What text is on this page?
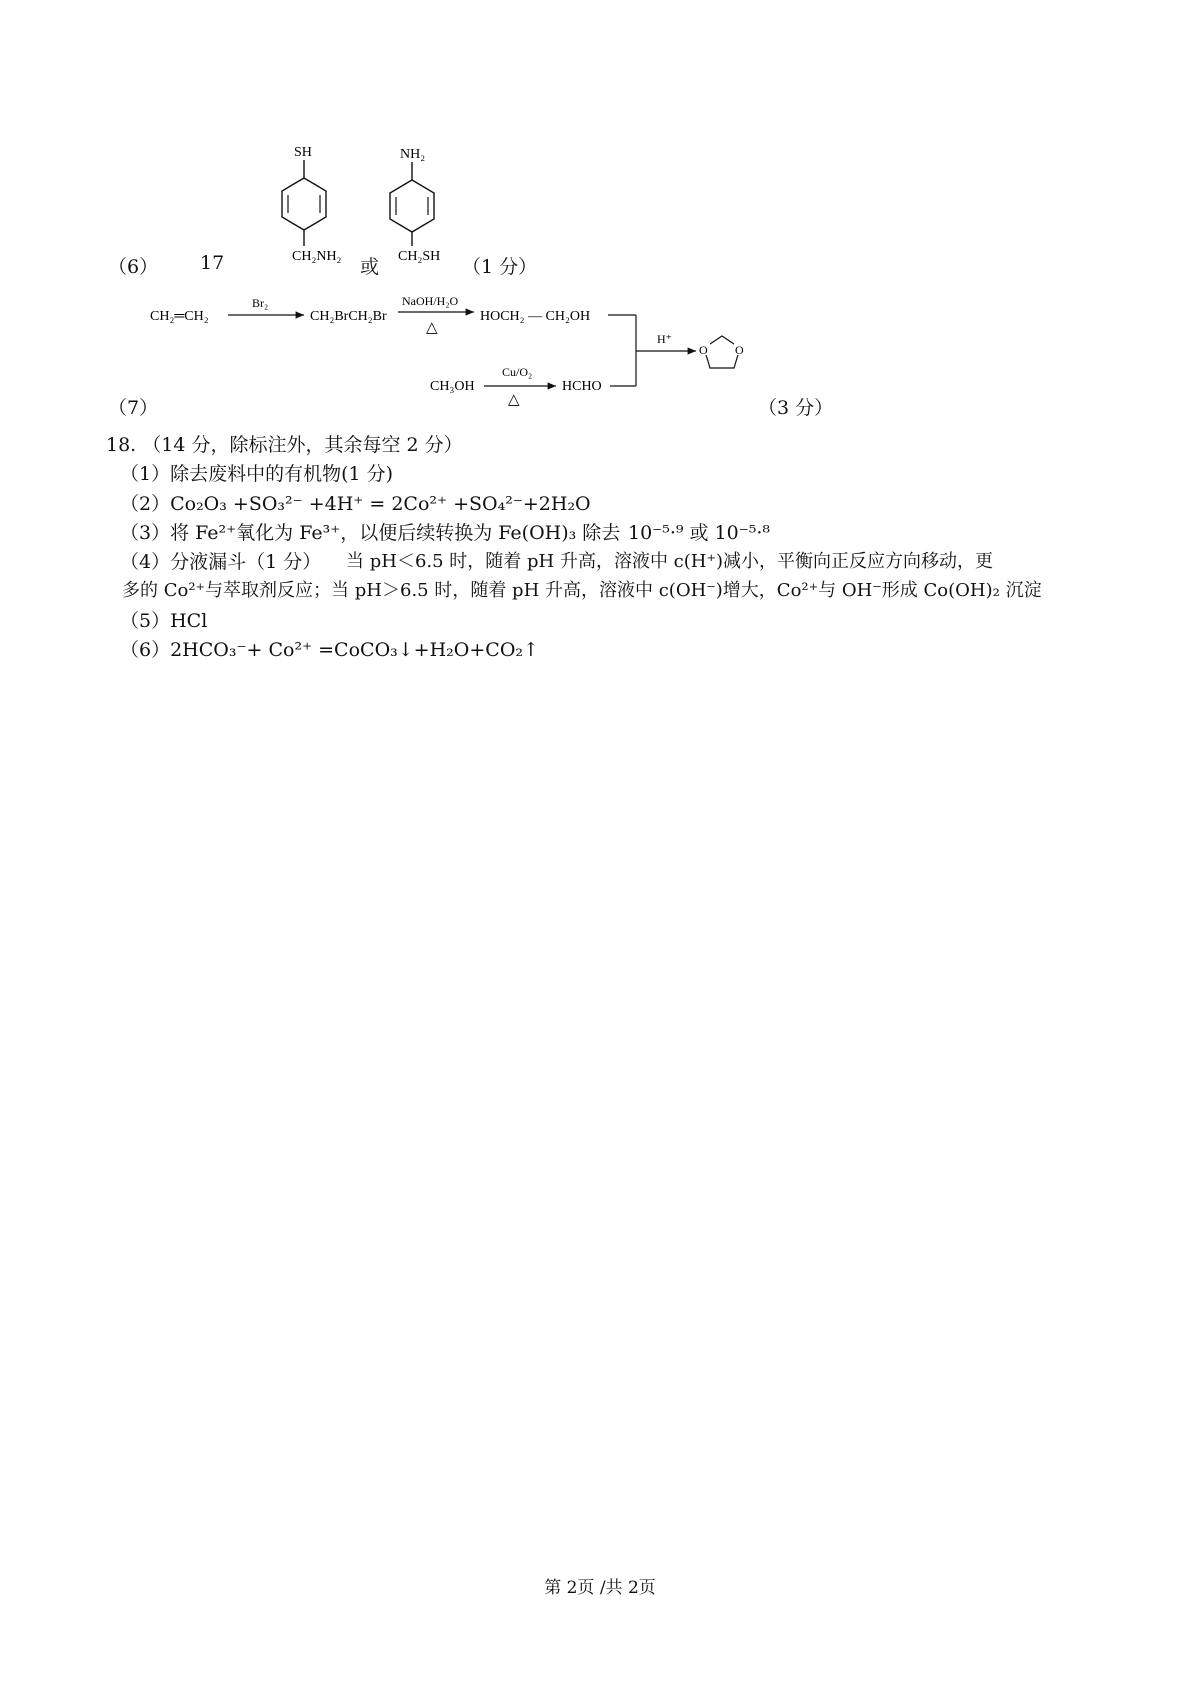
（6） 17
SH
CH₂NH₂ 或
NH₂
CH₂SH （1 分）
CH₂═CH₂
Br₂
CH₂BrCH₂Br
NaOH/H₂O
△
HOCH₂ — CH₂OH
CH₃OH
Cu/O₂
△
HCHO
H⁺
O O
（7）	（3 分）
18. （14 分，除标注外，其余每空 2 分）
（1）除去废料中的有机物(1 分)
（2）Co₂O₃ +SO₃²⁻ +4H⁺ = 2Co²⁺ +SO₄²⁻+2H₂O
（3）将 Fe²⁺氧化为 Fe³⁺，以便后续转换为 Fe(OH)₃ 除去 10⁻⁵·⁹ 或 10⁻⁵·⁸
（4）分液漏斗（1 分） 当 pH＜6.5 时，随着 pH 升高，溶液中 c(H⁺)减小，平衡向正反应方向移动，更
多的 Co²⁺与萃取剂反应；当 pH＞6.5 时，随着 pH 升高，溶液中 c(OH⁻)增大，Co²⁺与 OH⁻形成 Co(OH)₂ 沉淀
（5）HCl
（6）2HCO₃⁻+ Co²⁺ =CoCO₃↓+H₂O+CO₂↑
第 2页 /共 2页
